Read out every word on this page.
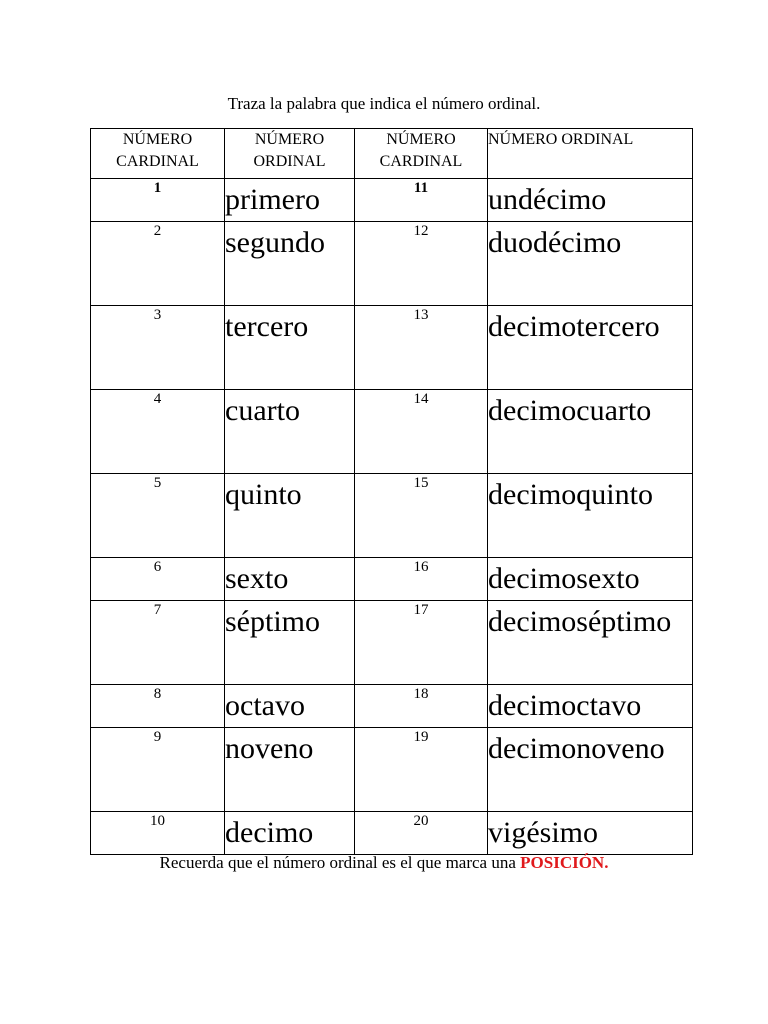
Traza la palabra que indica el número ordinal.
NÚMERO CARDINAL	NÚMERO ORDINAL	NÚMERO CARDINAL	NÚMERO ORDINAL
1	primero	11	undécimo
2	segundo	12	duodécimo
3	tercero	13	decimotercero
4	cuarto	14	decimocuarto
5	quinto	15	decimoquinto
6	sexto	16	decimosexto
7	séptimo	17	decimoséptimo
8	octavo	18	decimoctavo
9	noveno	19	decimonoveno
10	decimo	20	vigésimo
Recuerda que el número ordinal es el que marca una POSICIÓN.
